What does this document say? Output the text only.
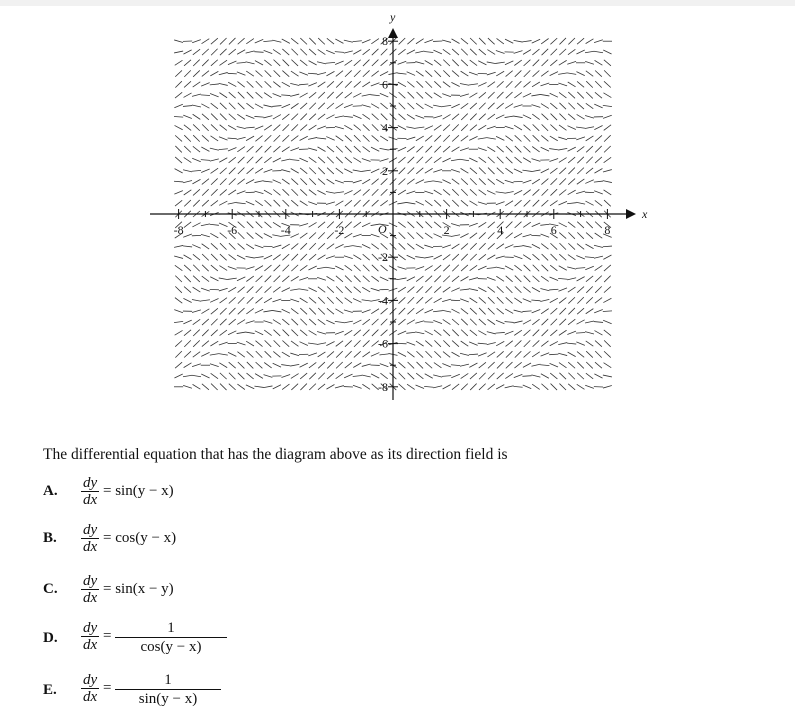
x
y
O
-8	-6	-4	-2	2	4	6	8
8
6
4
2
-2
-4
-6
-8
The differential equation that has the diagram above as its direction field is
A. $\frac{dy}{dx} = \sin(y - x)$
B. $\frac{dy}{dx} = \cos(y - x)$
C. $\frac{dy}{dx} = \sin(x - y)$
D. $\frac{dy}{dx} = \frac{1}{\cos(y - x)}$
E. $\frac{dy}{dx} = \frac{1}{\sin(y - x)}$
